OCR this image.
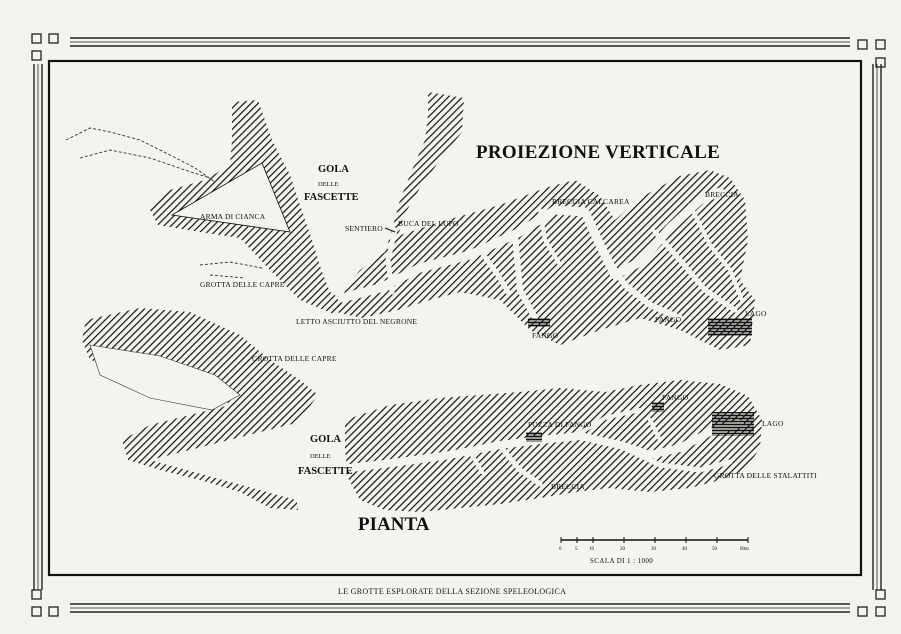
0	5 10	20	30	40	50	60m
SCALA DI 1 : 1000
PROIEZIONE VERTICALE
GOLA
DELLE
FASCETTE
ARMA DI CIANCA
GROTTA DELLE CAPRE
SENTIERO
BUCA DEL LUPO
BRECCIA CALCAREA
BRECCIA
LETTO ASCIUTTO DEL NEGRONE
FANGO
FANGO
LAGO
GROTTA DELLE CAPRE
GOLA
DELLE
FASCETTE
POZZA DI FANGO
FANGO
LAGO
BRECCIA
GROTTA DELLE STALATTITI
PIANTA
LE GROTTE ESPLORATE DELLA SEZIONE SPELEOLOGICA
